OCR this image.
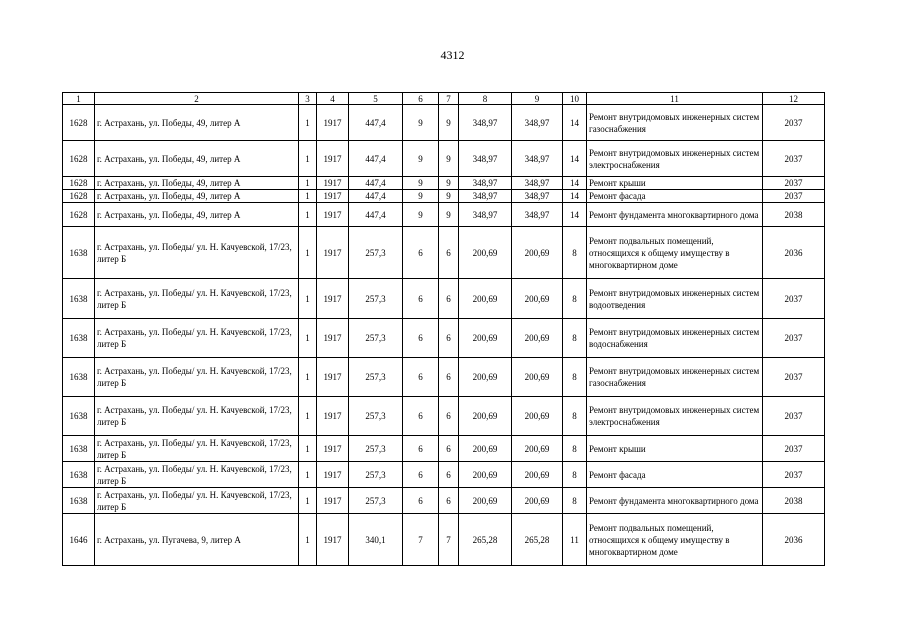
4312
1	2	3	4	5	6	7	8	9	10	11	12
1628	г. Астрахань, ул. Победы, 49, литер А	1	1917	447,4	9	9	348,97	348,97	14	Ремонт внутридомовых инженерных систем газоснабжения	2037
1628	г. Астрахань, ул. Победы, 49, литер А	1	1917	447,4	9	9	348,97	348,97	14	Ремонт внутридомовых инженерных систем электроснабжения	2037
1628	г. Астрахань, ул. Победы, 49, литер А	1	1917	447,4	9	9	348,97	348,97	14	Ремонт крыши	2037
1628	г. Астрахань, ул. Победы, 49, литер А	1	1917	447,4	9	9	348,97	348,97	14	Ремонт фасада	2037
1628	г. Астрахань, ул. Победы, 49, литер А	1	1917	447,4	9	9	348,97	348,97	14	Ремонт фундамента многоквартирного дома	2038
1638	г. Астрахань, ул. Победы/ ул. Н. Качуевской, 17/23, литер Б	1	1917	257,3	6	6	200,69	200,69	8	Ремонт подвальных помещений, относящихся к общему имуществу в многоквартирном доме	2036
1638	г. Астрахань, ул. Победы/ ул. Н. Качуевской, 17/23, литер Б	1	1917	257,3	6	6	200,69	200,69	8	Ремонт внутридомовых инженерных систем водоотведения	2037
1638	г. Астрахань, ул. Победы/ ул. Н. Качуевской, 17/23, литер Б	1	1917	257,3	6	6	200,69	200,69	8	Ремонт внутридомовых инженерных систем водоснабжения	2037
1638	г. Астрахань, ул. Победы/ ул. Н. Качуевской, 17/23, литер Б	1	1917	257,3	6	6	200,69	200,69	8	Ремонт внутридомовых инженерных систем газоснабжения	2037
1638	г. Астрахань, ул. Победы/ ул. Н. Качуевской, 17/23, литер Б	1	1917	257,3	6	6	200,69	200,69	8	Ремонт внутридомовых инженерных систем электроснабжения	2037
1638	г. Астрахань, ул. Победы/ ул. Н. Качуевской, 17/23, литер Б	1	1917	257,3	6	6	200,69	200,69	8	Ремонт крыши	2037
1638	г. Астрахань, ул. Победы/ ул. Н. Качуевской, 17/23, литер Б	1	1917	257,3	6	6	200,69	200,69	8	Ремонт фасада	2037
1638	г. Астрахань, ул. Победы/ ул. Н. Качуевской, 17/23, литер Б	1	1917	257,3	6	6	200,69	200,69	8	Ремонт фундамента многоквартирного дома	2038
1646	г. Астрахань, ул. Пугачева, 9, литер А	1	1917	340,1	7	7	265,28	265,28	11	Ремонт подвальных помещений, относящихся к общему имуществу в многоквартирном доме	2036
